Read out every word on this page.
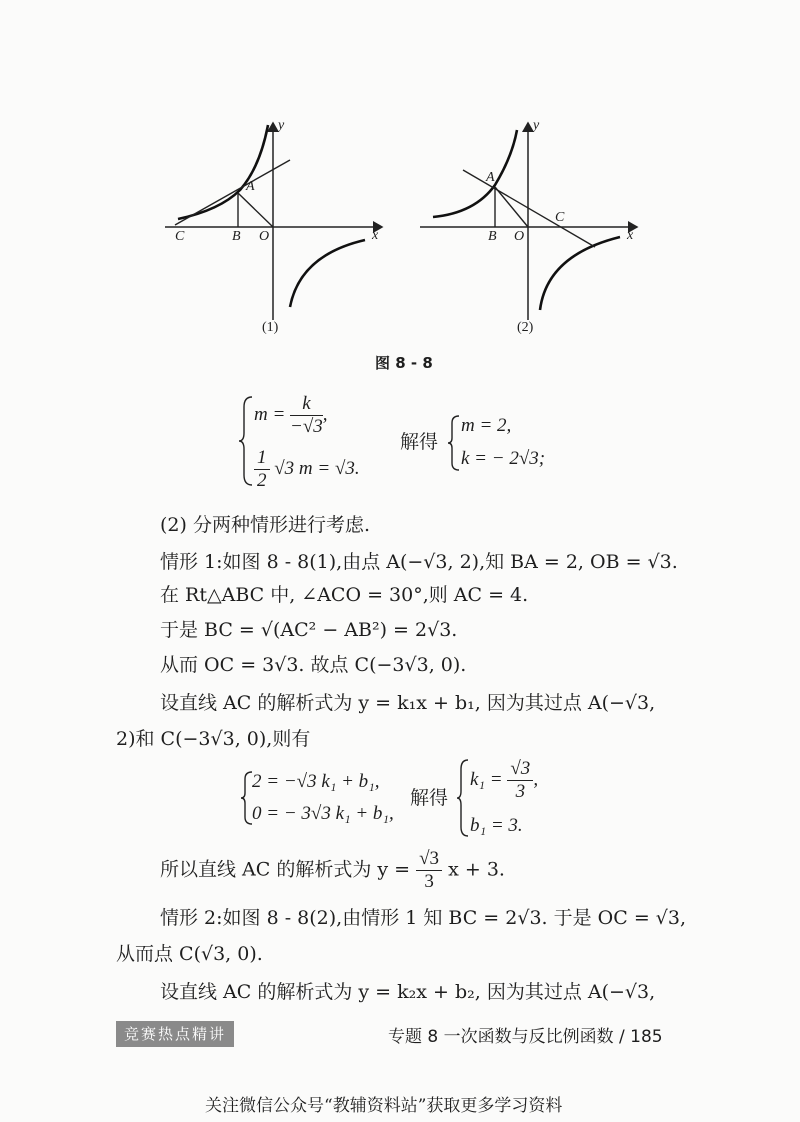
y
x
C	B O
A
(1)
y
x
A
B O
C
(2)
图 8 - 8
$m = \frac{k}{-√3}$ ,
$\frac{1}{2} √3$ m = √3.
解得
m = 2,
k = − 2√3;
(2) 分两种情形进行考虑.
情形 1:如图 8 - 8(1),由点 A(−√3, 2),知 BA = 2, OB = √3.
在 Rt△ABC 中, ∠ACO = 30°,则 AC = 4.
于是 BC = √(AC² − AB²) = 2√3.
从而 OC = 3√3. 故点 C(−3√3, 0).
设直线 AC 的解析式为 y = k₁x + b₁, 因为其过点 A(−√3,
2)和 C(−3√3, 0),则有
2 = −√3 k₁ + b₁,
0 = − 3√3 k₁ + b₁,
解得
$k_1 = \frac{√3}{3}$ ,
b₁ = 3.
所以直线 AC 的解析式为 $y = \frac{√3}{3}$ x + 3.
情形 2:如图 8 - 8(2),由情形 1 知 BC = 2√3. 于是 OC = √3,
从而点 C(√3, 0).
设直线 AC 的解析式为 y = k₂x + b₂, 因为其过点 A(−√3,
竞赛热点精讲	专题 8 一次函数与反比例函数 / 185
关注微信公众号“教辅资料站”获取更多学习资料
